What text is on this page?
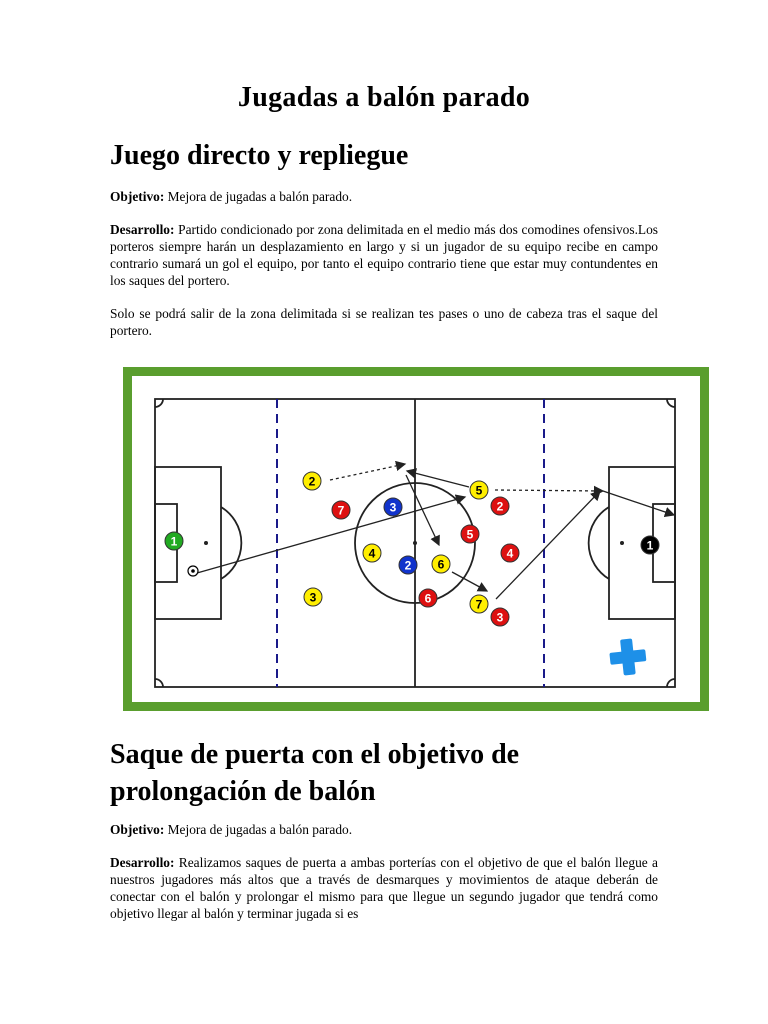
Jugadas a balón parado
Juego directo y repliegue

Objetivo: Mejora de jugadas a balón parado.

Desarrollo: Partido condicionado por zona delimitada en el medio más dos comodines ofensivos.Los porteros siempre harán un desplazamiento en largo y si un jugador de su equipo recibe en campo contrario sumará un gol el equipo, por tanto el equipo contrario tiene que estar muy contundentes en los saques del portero.

Solo se podrá salir de la zona delimitada si se realizan tes pases o uno de cabeza tras el saque del portero.

1
2
3
4
5
6
7
7	2
5
4
6
3
3
2
1
Saque de puerta con el objetivo de prolongación de balón

Objetivo: Mejora de jugadas a balón parado.

Desarrollo: Realizamos saques de puerta a ambas porterías con el objetivo de que el balón llegue a nuestros jugadores más altos que a través de desmarques y movimientos de ataque deberán de conectar con el balón y prolongar el mismo para que llegue un segundo jugador que tendrá como objetivo llegar al balón y terminar jugada si es
